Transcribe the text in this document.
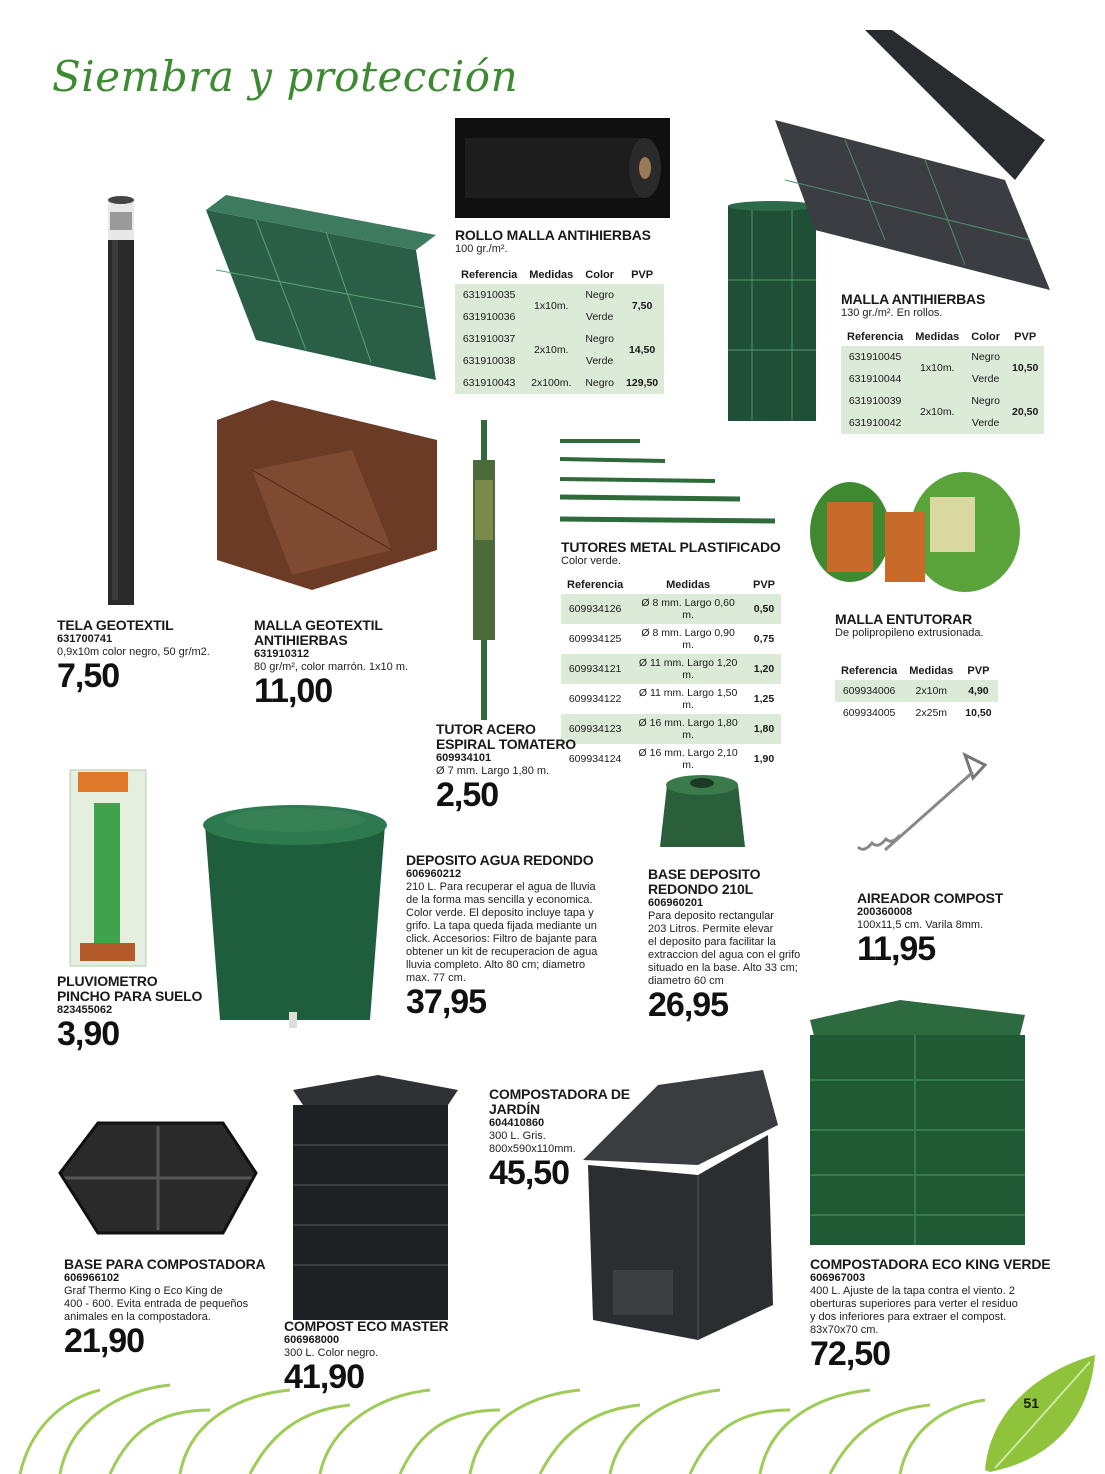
Siembra y protección
TELA GEOTEXTIL
631700741
0,9x10m color negro, 50 gr/m2.
7,50
MALLA GEOTEXTIL
ANTIHIERBAS
631910312
80 gr/m², color marrón. 1x10 m.
11,00
ROLLO MALLA ANTIHIERBAS
100 gr./m².
Referencia	Medidas	Color	PVP
631910035	1x10m.	Negro	7,50
631910036		Verde	
631910037	2x10m.	Negro	14,50
631910038		Verde	
631910043	2x100m.	Negro	129,50
MALLA ANTIHIERBAS
130 gr./m². En rollos.
Referencia	Medidas	Color	PVP
631910045	1x10m.	Negro	10,50
631910044		Verde	
631910039	2x10m.	Negro	20,50
631910042		Verde	
TUTORES METAL PLASTIFICADO
Color verde.
Referencia	Medidas	PVP
609934126	Ø 8 mm. Largo 0,60 m.	0,50
609934125	Ø 8 mm. Largo 0,90 m.	0,75
609934121	Ø 11 mm. Largo 1,20 m.	1,20
609934122	Ø 11 mm. Largo 1,50 m.	1,25
609934123	Ø 16 mm. Largo 1,80 m.	1,80
609934124	Ø 16 mm. Largo 2,10 m.	1,90
MALLA ENTUTORAR
De polipropileno extrusionada.
Referencia	Medidas	PVP
609934006	2x10m	4,90
609934005	2x25m	10,50
TUTOR ACERO
ESPIRAL TOMATERO
609934101
Ø 7 mm. Largo 1,80 m.
2,50
PLUVIOMETRO
PINCHO PARA SUELO
823455062
3,90
DEPOSITO AGUA REDONDO
606960212
210 L. Para recuperar el agua de lluvia
de la forma mas sencilla y economica.
Color verde. El deposito incluye tapa y
grifo. La tapa queda fijada mediante un
click. Accesorios: Filtro de bajante para
obtener un kit de recuperacion de agua
lluvia completo. Alto 80 cm; diametro
max. 77 cm.
37,95
BASE DEPOSITO
REDONDO 210L
606960201
Para deposito rectangular
203 Litros. Permite elevar
el deposito para facilitar la
extraccion del agua con el grifo
situado en la base. Alto 33 cm;
diametro 60 cm
26,95
AIREADOR COMPOST
200360008
100x11,5 cm. Varila 8mm.
11,95
COMPOSTADORA DE
JARDÍN
604410860
300 L. Gris.
800x590x110mm.
45,50
BASE PARA COMPOSTADORA
606966102
Graf Thermo King o Eco King de
400 - 600. Evita entrada de pequeños
animales en la compostadora.
21,90	COMPOST ECO MASTER
606968000
300 L. Color negro.
41,90
COMPOSTADORA ECO KING VERDE
606967003
400 L. Ajuste de la tapa contra el viento. 2
oberturas superiores para verter el residuo
y dos inferiores para extraer el compost.
83x70x70 cm.
72,50
51
